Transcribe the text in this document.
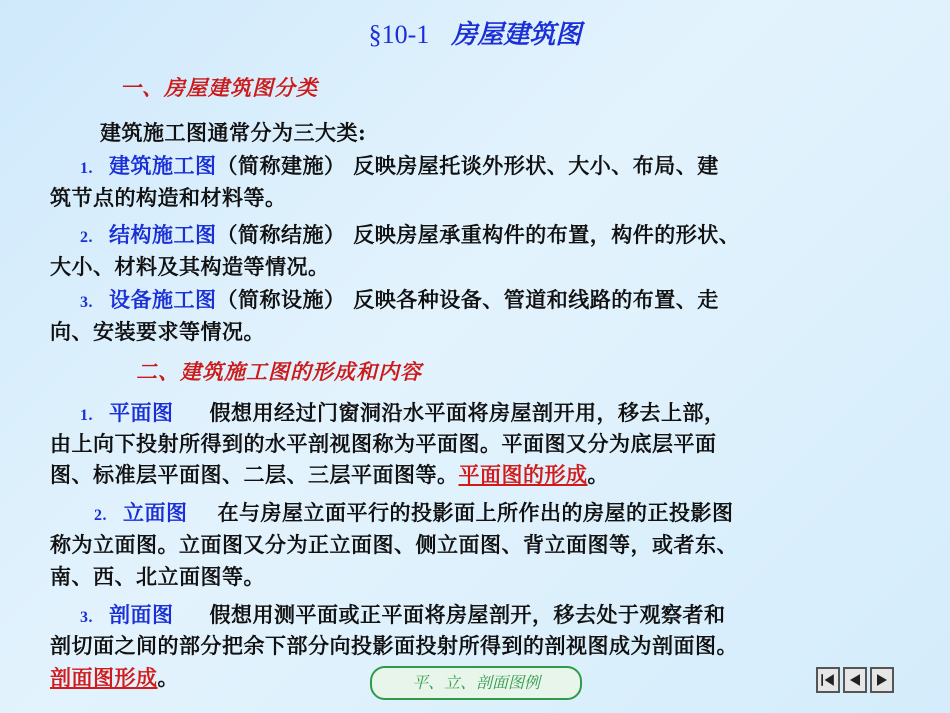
§10-1 房屋建筑图
一、房屋建筑图分类
建筑施工图通常分为三大类:
1. 建筑施工图（简称建施） 反映房屋托谈外形状、大小、布局、建
筑节点的构造和材料等。
2. 结构施工图（简称结施） 反映房屋承重构件的布置，构件的形状、
大小、材料及其构造等情况。
3. 设备施工图（简称设施） 反映各种设备、管道和线路的布置、走
向、安装要求等情况。
二、建筑施工图的形成和内容
1. 平面图 假想用经过门窗洞沿水平面将房屋剖开用，移去上部，
由上向下投射所得到的水平剖视图称为平面图。平面图又分为底层平面
图、标准层平面图、二层、三层平面图等。平面图的形成。
2. 立面图 在与房屋立面平行的投影面上所作出的房屋的正投影图
称为立面图。立面图又分为正立面图、侧立面图、背立面图等，或者东、
南、西、北立面图等。
3. 剖面图 假想用测平面或正平面将房屋剖开，移去处于观察者和
剖切面之间的部分把余下部分向投影面投射所得到的剖视图成为剖面图。
剖面图形成。	平、立、剖面图例
